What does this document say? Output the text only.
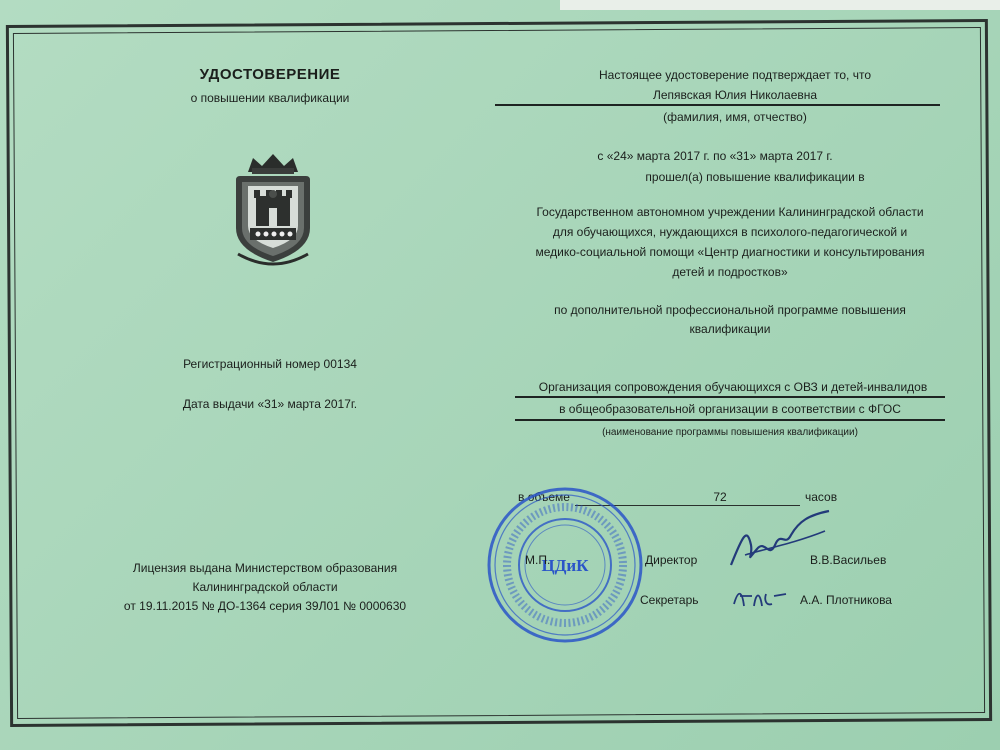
УДОСТОВЕРЕНИЕ
о повышении квалификации
Регистрационный номер 00134
Дата выдачи «31» марта 2017г.
Лицензия выдана Министерством образования
Калининградской области
от 19.11.2015 № ДО-1364 серия 39Л01 № 0000630
Настоящее удостоверение подтверждает то, что
Лепявская Юлия Николаевна
(фамилия, имя, отчество)
с «24» марта 2017 г. по «31» марта 2017 г.
прошел(а) повышение квалификации в
Государственном автономном учреждении Калининградской области
для обучающихся, нуждающихся в психолого-педагогической и
медико-социальной помощи «Центр диагностики и консультирования
детей и подростков»
по дополнительной профессиональной программе повышения
квалификации
Организация сопровождения обучающихся с ОВЗ и детей-инвалидов
в общеобразовательной организации в соответствии с ФГОС
(наименование программы повышения квалификации)
в объеме	72	часов
ЦДиК
М.П.	Директор	В.В.Васильев
Секретарь	А.А. Плотникова
